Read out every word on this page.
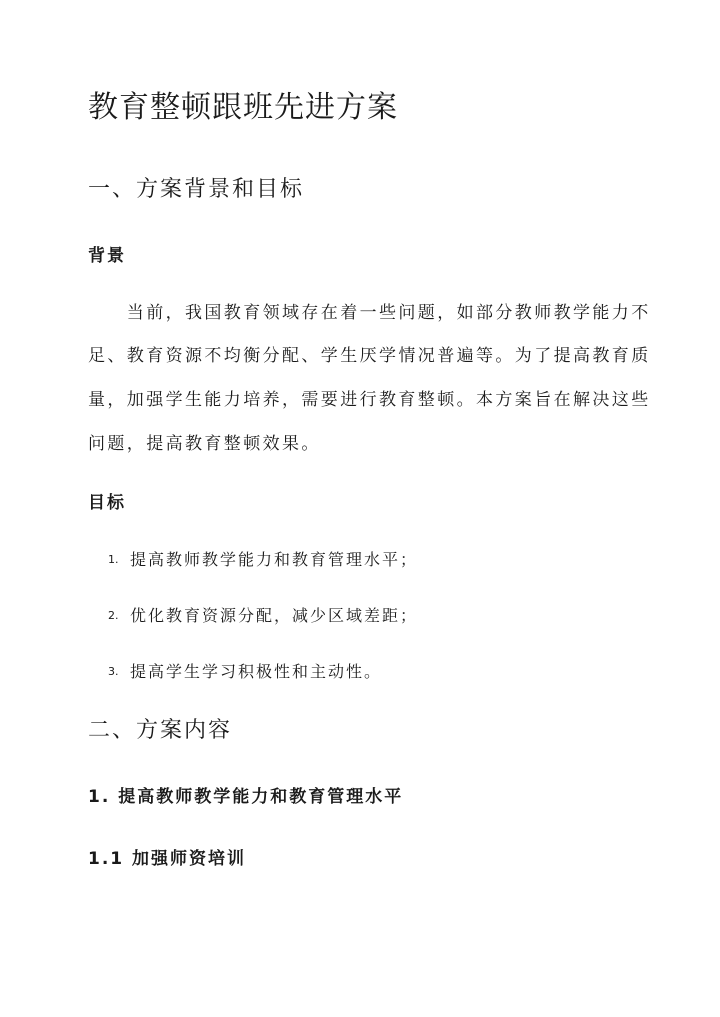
教育整顿跟班先进方案
一、方案背景和目标
背景
　　当前，我国教育领域存在着一些问题，如部分教师教学能力不
足、教育资源不均衡分配、学生厌学情况普遍等。为了提高教育质
量，加强学生能力培养，需要进行教育整顿。本方案旨在解决这些
问题，提高教育整顿效果。
目标
1. 提高教师教学能力和教育管理水平；
2. 优化教育资源分配，减少区域差距；
3. 提高学生学习积极性和主动性。
二、方案内容
1. 提高教师教学能力和教育管理水平
1.1 加强师资培训
